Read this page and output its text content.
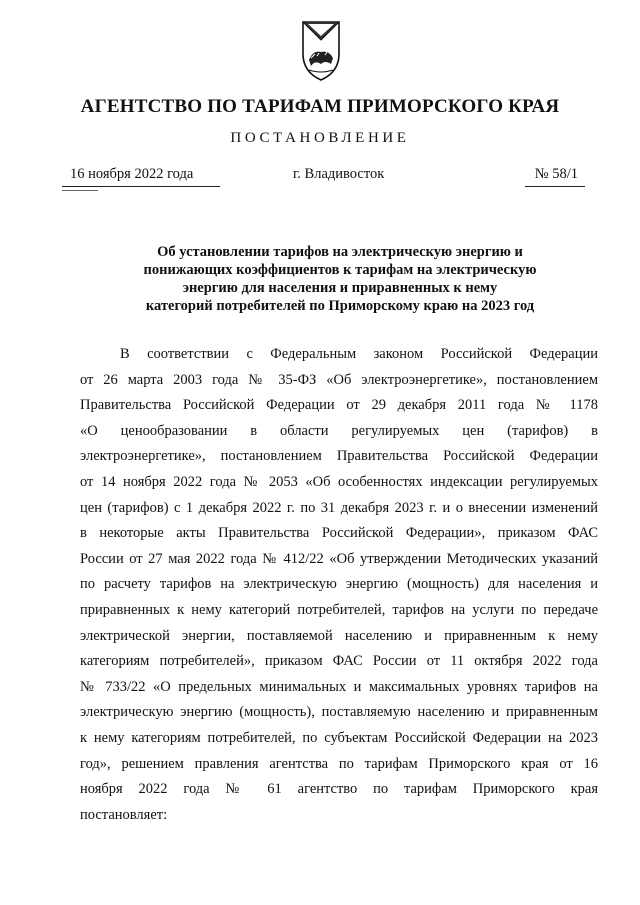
АГЕНТСТВО ПО ТАРИФАМ ПРИМОРСКОГО КРАЯ
ПОСТАНОВЛЕНИЕ
16 ноября 2022 года	г. Владивосток	№ 58/1
Об установлении тарифов на электрическую энергию и
понижающих коэффициентов к тарифам на электрическую
энергию для населения и приравненных к нему
категорий потребителей по Приморскому краю на 2023 год
В соответствии с Федеральным законом Российской Федерации
от 26 марта 2003 года № 35-ФЗ «Об электроэнергетике», постановлением
Правительства Российской Федерации от 29 декабря 2011 года № 1178
«О ценообразовании в области регулируемых цен (тарифов) в
электроэнергетике», постановлением Правительства Российской Федерации
от 14 ноября 2022 года № 2053 «Об особенностях индексации регулируемых
цен (тарифов) с 1 декабря 2022 г. по 31 декабря 2023 г. и о внесении изменений
в некоторые акты Правительства Российской Федерации», приказом ФАС
России от 27 мая 2022 года № 412/22 «Об утверждении Методических указаний
по расчету тарифов на электрическую энергию (мощность) для населения и
приравненных к нему категорий потребителей, тарифов на услуги по передаче
электрической энергии, поставляемой населению и приравненным к нему
категориям потребителей», приказом ФАС России от 11 октября 2022 года
№ 733/22 «О предельных минимальных и максимальных уровнях тарифов на
электрическую энергию (мощность), поставляемую населению и приравненным
к нему категориям потребителей, по субъектам Российской Федерации на 2023
год», решением правления агентства по тарифам Приморского края от 16
ноября 2022 года № 61 агентство по тарифам Приморского края
постановляет:
